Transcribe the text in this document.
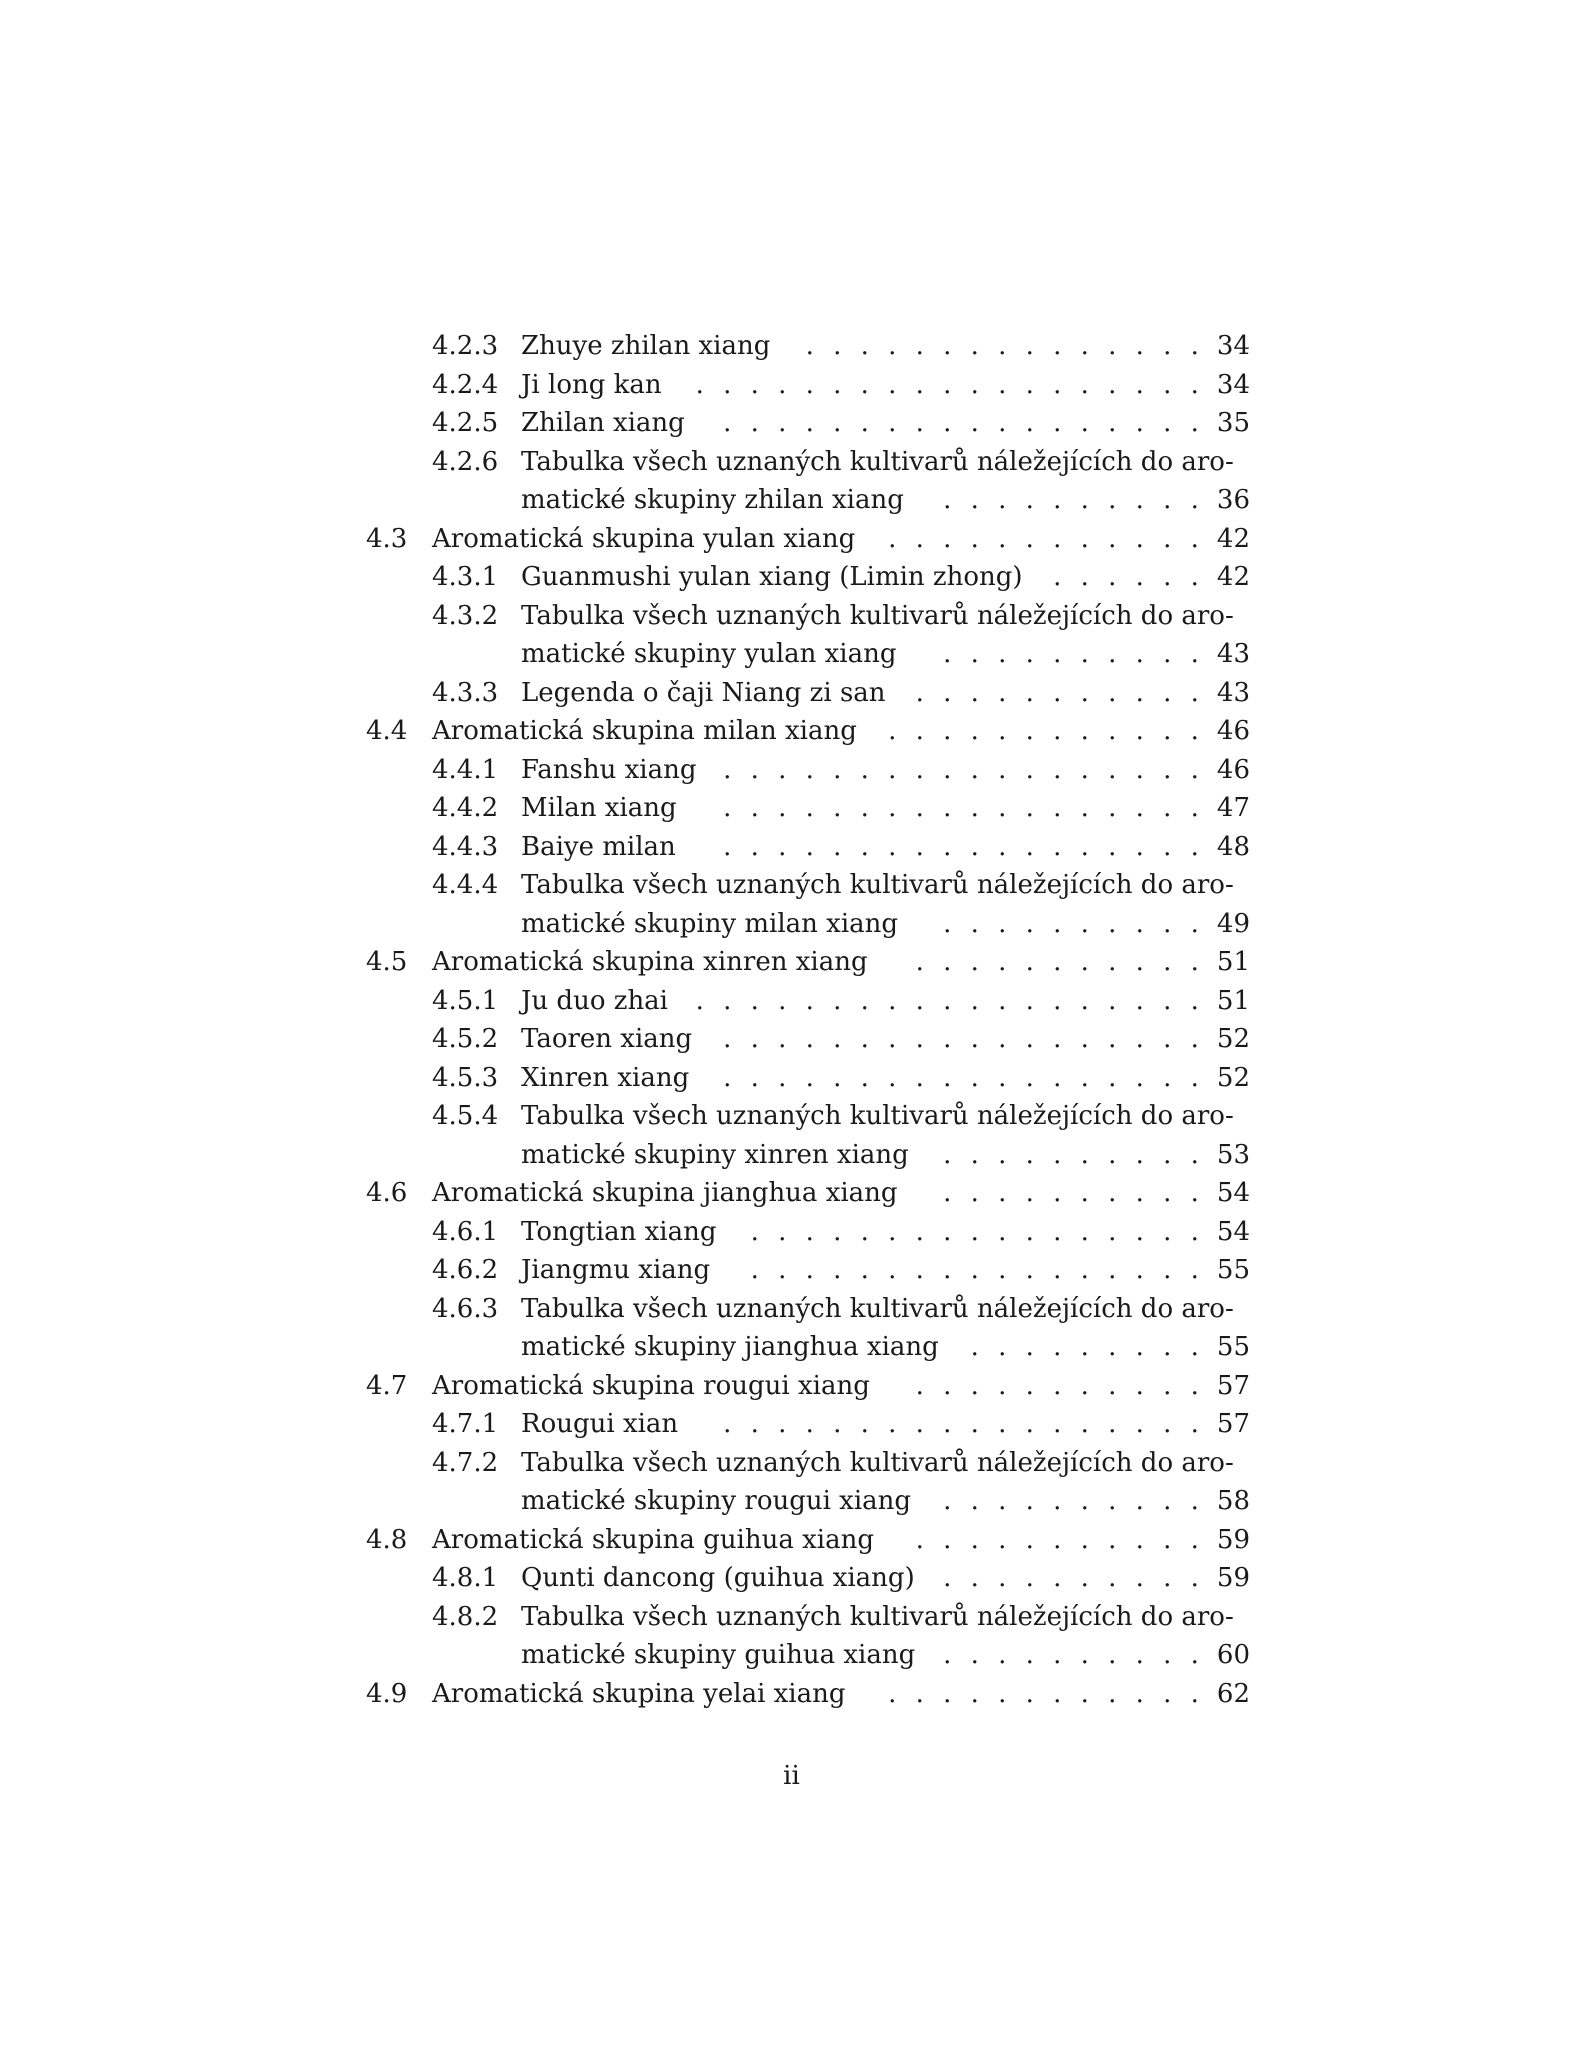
4.2.3 Zhuye zhilan xiang	. . . . . . . . . . . . . . . 34
4.2.4 Ji long kan	. . . . . . . . . . . . . . . . . . . 34
4.2.5 Zhilan xiang	. . . . . . . . . . . . . . . . . . 35
4.2.6 Tabulka všech uznaných kultivarů náležejících do aro-
matické skupiny zhilan xiang	. . . . . . . . . . 36
4.3 Aromatická skupina yulan xiang	. . . . . . . . . . . . 42
4.3.1 Guanmushi yulan xiang (Limin zhong)	. . . . . . 42
4.3.2 Tabulka všech uznaných kultivarů náležejících do aro-
matické skupiny yulan xiang	. . . . . . . . . . 43
4.3.3 Legenda o čaji Niang zi san	. . . . . . . . . . . 43
4.4 Aromatická skupina milan xiang	. . . . . . . . . . . . 46
4.4.1 Fanshu xiang	. . . . . . . . . . . . . . . . . . 46
4.4.2 Milan xiang	. . . . . . . . . . . . . . . . . . 47
4.4.3 Baiye milan	. . . . . . . . . . . . . . . . . . 48
4.4.4 Tabulka všech uznaných kultivarů náležejících do aro-
matické skupiny milan xiang	. . . . . . . . . . 49
4.5 Aromatická skupina xinren xiang	. . . . . . . . . . . 51
4.5.1 Ju duo zhai	. . . . . . . . . . . . . . . . . . . 51
4.5.2 Taoren xiang	. . . . . . . . . . . . . . . . . . 52
4.5.3 Xinren xiang	. . . . . . . . . . . . . . . . . . 52
4.5.4 Tabulka všech uznaných kultivarů náležejících do aro-
matické skupiny xinren xiang	. . . . . . . . . . 53
4.6 Aromatická skupina jianghua xiang	. . . . . . . . . . 54
4.6.1 Tongtian xiang	. . . . . . . . . . . . . . . . . 54
4.6.2 Jiangmu xiang	. . . . . . . . . . . . . . . . . 55
4.6.3 Tabulka všech uznaných kultivarů náležejících do aro-
matické skupiny jianghua xiang	. . . . . . . . . 55
4.7 Aromatická skupina rougui xiang	. . . . . . . . . . . 57
4.7.1 Rougui xian	. . . . . . . . . . . . . . . . . . 57
4.7.2 Tabulka všech uznaných kultivarů náležejících do aro-
matické skupiny rougui xiang	. . . . . . . . . . 58
4.8 Aromatická skupina guihua xiang	. . . . . . . . . . . 59
4.8.1 Qunti dancong (guihua xiang)	. . . . . . . . . . 59
4.8.2 Tabulka všech uznaných kultivarů náležejících do aro-
matické skupiny guihua xiang	. . . . . . . . . . 60
4.9 Aromatická skupina yelai xiang	. . . . . . . . . . . . 62
ii
